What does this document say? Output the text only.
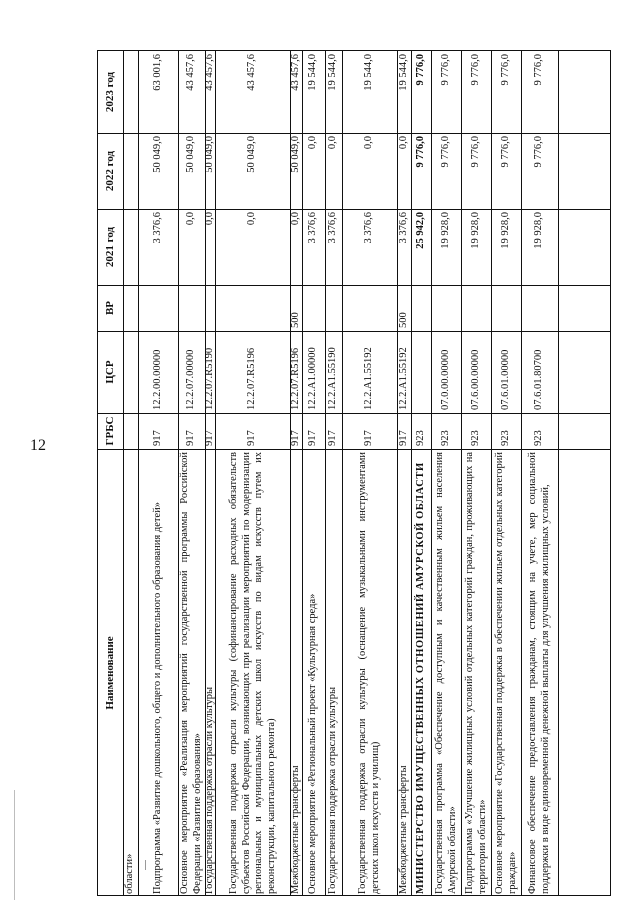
12
2023 год
2022 год
2021 год
ВР
ЦСР
ГРБС
Наименование
области»
63 001,6
50 049,0
3 376,6
12.2.00.00000
917
Подпрограмма «Развитие дошкольного, общего и дополнительного образования детей»
43 457,6
50 049,0
0,0
12.2.07.00000
917
Основное мероприятие «Реализация мероприятий государственной программы Российской Федерации «Развитие образования»
43 457,6
50 049,0
0,0
12.2.07.R5190
917
Государственная поддержка отрасли культуры
43 457,6
50 049,0
0,0
12.2.07.R5196
917
Государственная поддержка отрасли культуры (софинансирование расходных обязательств субъектов Российской Федерации, возникающих при реализации мероприятий по модернизации региональных и муниципальных детских школ искусств по видам искусств путем их реконструкции, капитального ремонта)
43 457,6
50 049,0
0,0
500
12.2.07.R5196
917
Межбюджетные трансферты
19 544,0
0,0
3 376,6
12.2.A1.00000
917
Основное мероприятие «Региональный проект «Культурная среда»
19 544,0
0,0
3 376,6
12.2.A1.55190
917
Государственная поддержка отрасли культуры
19 544,0
0,0
3 376,6
12.2.A1.55192
917
Государственная поддержка отрасли культуры (оснащение музыкальными инструментами детских школ искусств и училищ)
19 544,0
0,0
3 376,6
500
12.2.A1.55192
917
Межбюджетные трансферты
9 776,0
9 776,0
25 942,0
923
МИНИСТЕРСТВО ИМУЩЕСТВЕННЫХ ОТНОШЕНИЙ АМУРСКОЙ ОБЛАСТИ
9 776,0
9 776,0
19 928,0
07.0.00.00000
923
Государственная программа «Обеспечение доступным и качественным жильем населения Амурской области»
9 776,0
9 776,0
19 928,0
07.6.00.00000
923
Подпрограмма «Улучшение жилищных условий отдельных категорий граждан, проживающих на территории области»
9 776,0
9 776,0
19 928,0
07.6.01.00000
923
Основное мероприятие «Государственная поддержка в обеспечении жильем отдельных категорий граждан»
9 776,0
9 776,0
19 928,0
07.6.01.80700
923
Финансовое обеспечение предоставления гражданам, стоящим на учете, мер социальной поддержки в виде единовременной денежной выплаты для улучшения жилищных условий,
